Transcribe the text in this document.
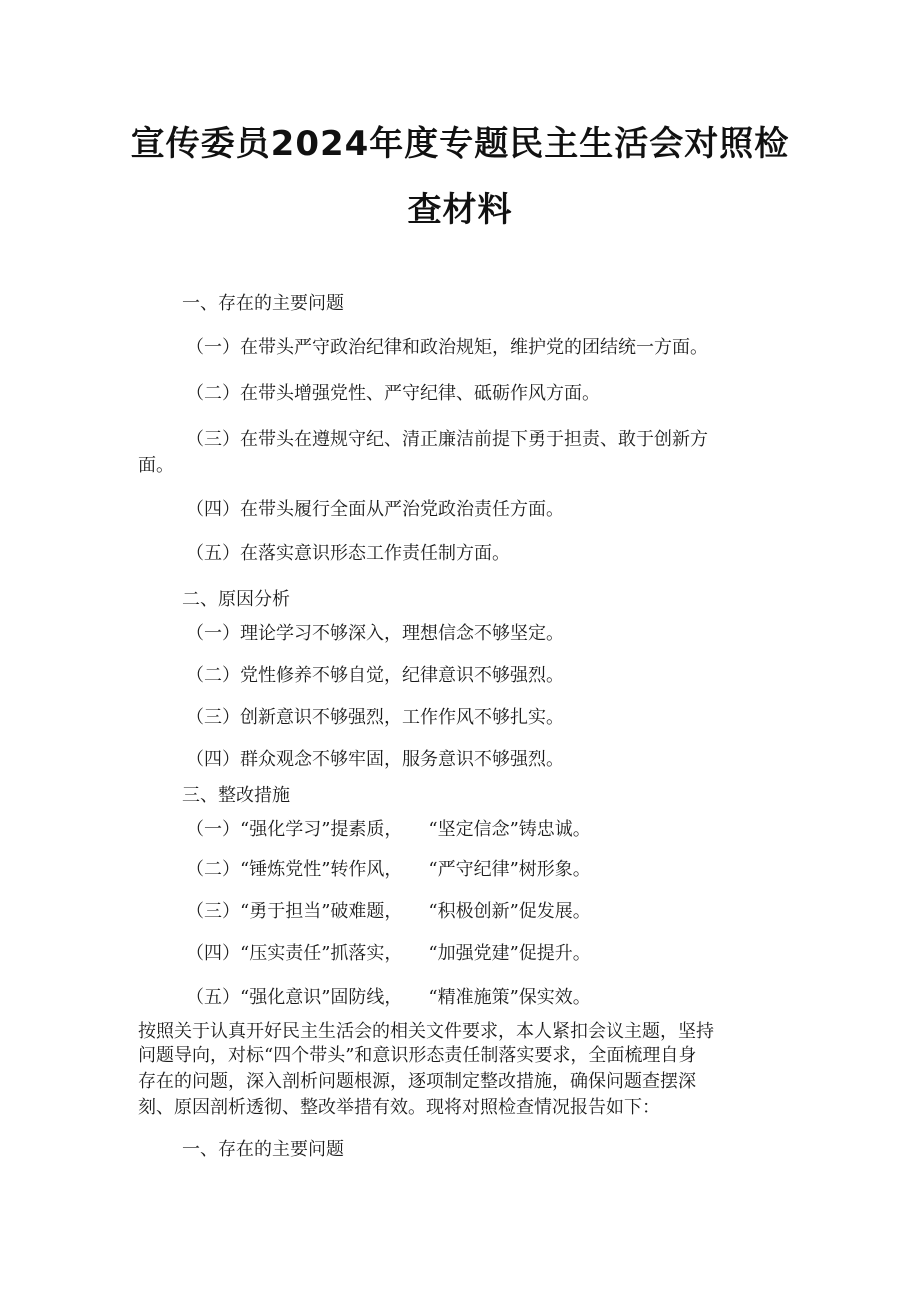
宣传委员2024年度专题民主生活会对照检
查材料

一、存在的主要问题

（一）在带头严守政治纪律和政治规矩，维护党的团结统一方面。

（二）在带头增强党性、严守纪律、砥砺作风方面。

（三）在带头在遵规守纪、清正廉洁前提下勇于担责、敢于创新方

面。

（四）在带头履行全面从严治党政治责任方面。

（五）在落实意识形态工作责任制方面。

二、原因分析

（一）理论学习不够深入，理想信念不够坚定。

（二）党性修养不够自觉，纪律意识不够强烈。

（三）创新意识不够强烈，工作作风不够扎实。

（四）群众观念不够牢固，服务意识不够强烈。

三、整改措施

（一）“强化学习”提素质， “坚定信念”铸忠诚。

（二）“锤炼党性”转作风， “严守纪律”树形象。

（三）“勇于担当”破难题， “积极创新”促发展。

（四）“压实责任”抓落实， “加强党建”促提升。

（五）“强化意识”固防线， “精准施策”保实效。

按照关于认真开好民主生活会的相关文件要求，本人紧扣会议主题，坚持

问题导向，对标“四个带头”和意识形态责任制落实要求，全面梳理自身

存在的问题，深入剖析问题根源，逐项制定整改措施，确保问题查摆深

刻、原因剖析透彻、整改举措有效。现将对照检查情况报告如下：

一、存在的主要问题
